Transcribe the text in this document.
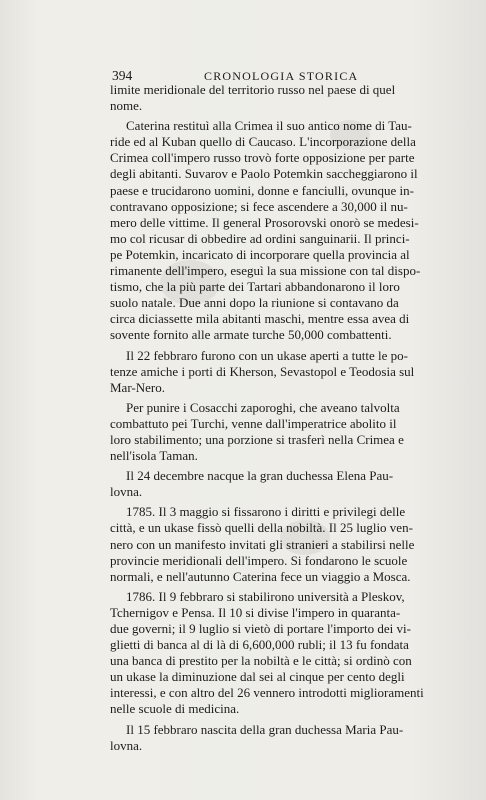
394	CRONOLOGIA STORICA
limite meridionale del territorio russo nel paese di quel
nome.
Caterina restituì alla Crimea il suo antico nome di Tau-
ride ed al Kuban quello di Caucaso. L'incorporazione della
Crimea coll'impero russo trovò forte opposizione per parte
degli abitanti. Suvarov e Paolo Potemkin saccheggiarono il
paese e trucidarono uomini, donne e fanciulli, ovunque in-
contravano opposizione; si fece ascendere a 30,000 il nu-
mero delle vittime. Il general Prosorovski onorò se medesi-
mo col ricusar di obbedire ad ordini sanguinarii. Il princi-
pe Potemkin, incaricato di incorporare quella provincia al
rimanente dell'impero, eseguì la sua missione con tal dispo-
tismo, che la più parte dei Tartari abbandonarono il loro
suolo natale. Due anni dopo la riunione si contavano da
circa diciassette mila abitanti maschi, mentre essa avea di
sovente fornito alle armate turche 50,000 combattenti.
Il 22 febbraro furono con un ukase aperti a tutte le po-
tenze amiche i porti di Kherson, Sevastopol e Teodosia sul
Mar-Nero.
Per punire i Cosacchi zaporoghi, che aveano talvolta
combattuto pei Turchi, venne dall'imperatrice abolito il
loro stabilimento; una porzione si trasferì nella Crimea e
nell'isola Taman.
Il 24 decembre nacque la gran duchessa Elena Pau-
lovna.
1785. Il 3 maggio si fissarono i diritti e privilegi delle
città, e un ukase fissò quelli della nobiltà. Il 25 luglio ven-
nero con un manifesto invitati gli stranieri a stabilirsi nelle
provincie meridionali dell'impero. Si fondarono le scuole
normali, e nell'autunno Caterina fece un viaggio a Mosca.
1786. Il 9 febbraro si stabilirono università a Pleskov,
Tchernigov e Pensa. Il 10 si divise l'impero in quaranta-
due governi; il 9 luglio si vietò di portare l'importo dei vi-
glietti di banca al di là di 6,600,000 rubli; il 13 fu fondata
una banca di prestito per la nobiltà e le città; si ordinò con
un ukase la diminuzione dal sei al cinque per cento degli
interessi, e con altro del 26 vennero introdotti miglioramenti
nelle scuole di medicina.
Il 15 febbraro nascita della gran duchessa Maria Pau-
lovna.
